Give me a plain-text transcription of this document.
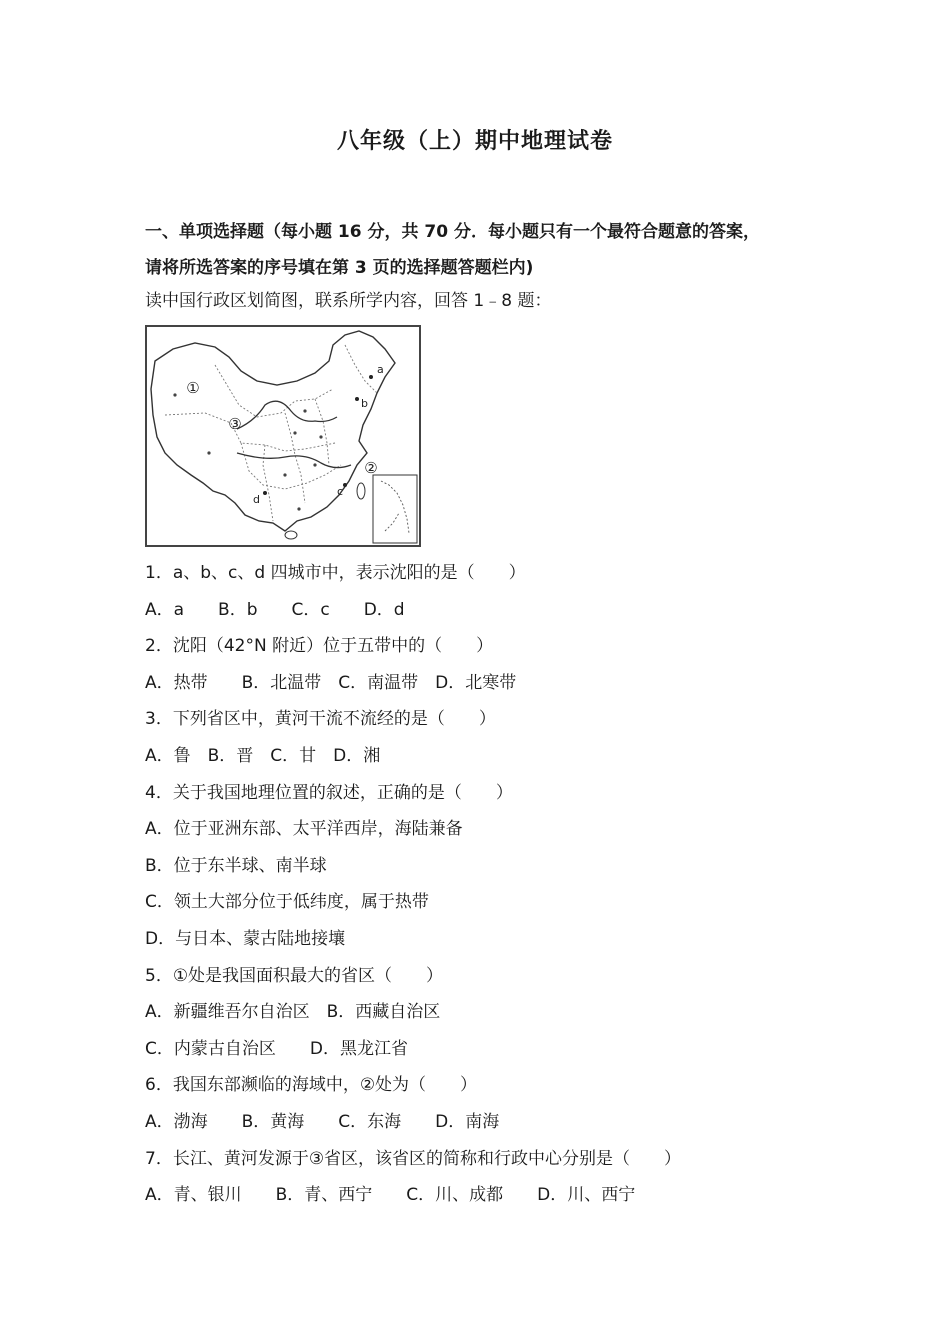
八年级（上）期中地理试卷
一、单项选择题（每小题 16 分，共 70 分．每小题只有一个最符合题意的答案，
请将所选答案的序号填在第 3 页的选择题答题栏内)
读中国行政区划简图，联系所学内容，回答 1﹣8 题：
①
③
②
a
b
c
d
1．a、b、c、d 四城市中，表示沈阳的是（　　）
A．a　　B．b　　C．c　　D．d
2．沈阳（42°N 附近）位于五带中的（　　）
A．热带　　B．北温带　C．南温带　D．北寒带
3．下列省区中，黄河干流不流经的是（　　）
A．鲁　B．晋　C．甘　D．湘
4．关于我国地理位置的叙述，正确的是（　　）
A．位于亚洲东部、太平洋西岸，海陆兼备
B．位于东半球、南半球
C．领土大部分位于低纬度，属于热带
D．与日本、蒙古陆地接壤
5．①处是我国面积最大的省区（　　）
A．新疆维吾尔自治区　B．西藏自治区
C．内蒙古自治区　　D．黑龙江省
6．我国东部濒临的海域中，②处为（　　）
A．渤海　　B．黄海　　C．东海　　D．南海
7．长江、黄河发源于③省区，该省区的简称和行政中心分别是（　　）
A．青、银川　　B．青、西宁　　C．川、成都　　D．川、西宁
